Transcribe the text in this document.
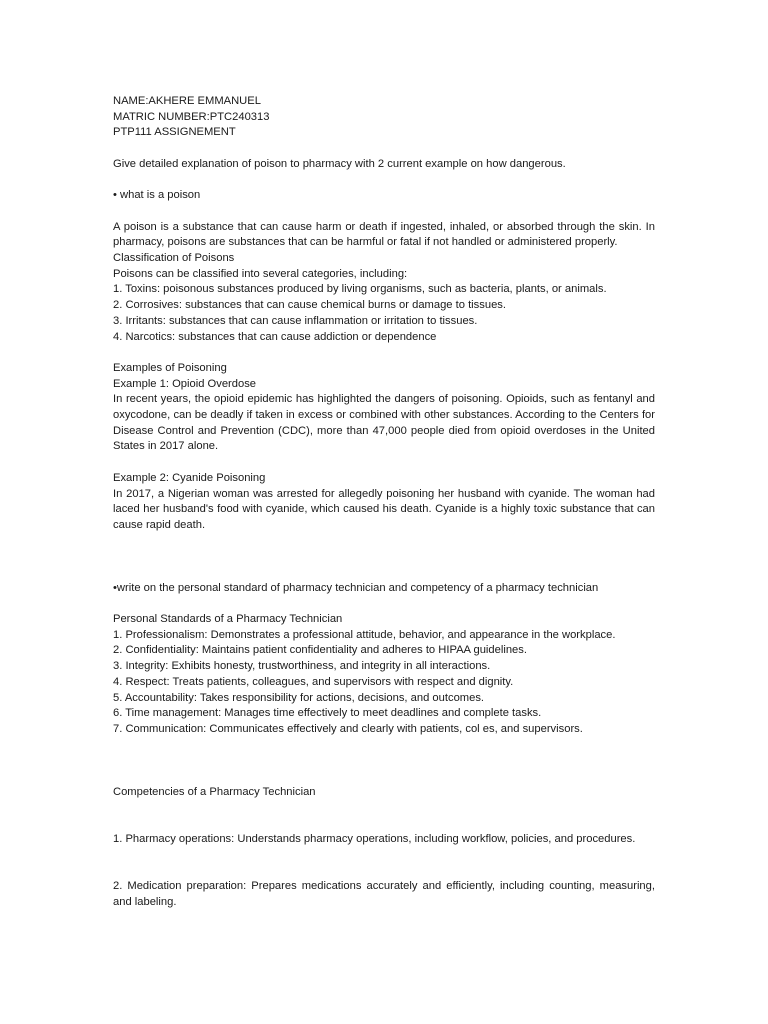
NAME:AKHERE EMMANUEL

MATRIC NUMBER:PTC240313

PTP111 ASSIGNEMENT

Give detailed explanation of poison to pharmacy with 2 current example on how dangerous.

• what is a poison

A poison is a substance that can cause harm or death if ingested, inhaled, or absorbed through the skin. In pharmacy, poisons are substances that can be harmful or fatal if not handled or administered properly.

Classification of Poisons

Poisons can be classified into several categories, including:

1. Toxins: poisonous substances produced by living organisms, such as bacteria, plants, or animals.

2. Corrosives: substances that can cause chemical burns or damage to tissues.

3. Irritants: substances that can cause inflammation or irritation to tissues.

4. Narcotics: substances that can cause addiction or dependence

Examples of Poisoning

Example 1: Opioid Overdose

In recent years, the opioid epidemic has highlighted the dangers of poisoning. Opioids, such as fentanyl and oxycodone, can be deadly if taken in excess or combined with other substances. According to the Centers for Disease Control and Prevention (CDC), more than 47,000 people died from opioid overdoses in the United States in 2017 alone.

Example 2: Cyanide Poisoning

In 2017, a Nigerian woman was arrested for allegedly poisoning her husband with cyanide. The woman had laced her husband's food with cyanide, which caused his death. Cyanide is a highly toxic substance that can cause rapid death.

•write on the personal standard of pharmacy technician and competency of a pharmacy technician

Personal Standards of a Pharmacy Technician

1. Professionalism: Demonstrates a professional attitude, behavior, and appearance in the workplace.

2. Confidentiality: Maintains patient confidentiality and adheres to HIPAA guidelines.

3. Integrity: Exhibits honesty, trustworthiness, and integrity in all interactions.

4. Respect: Treats patients, colleagues, and supervisors with respect and dignity.

5. Accountability: Takes responsibility for actions, decisions, and outcomes.

6. Time management: Manages time effectively to meet deadlines and complete tasks.

7. Communication: Communicates effectively and clearly with patients, col es, and supervisors.

Competencies of a Pharmacy Technician

1. Pharmacy operations: Understands pharmacy operations, including workflow, policies, and procedures.

2. Medication preparation: Prepares medications accurately and efficiently, including counting, measuring, and labeling.
